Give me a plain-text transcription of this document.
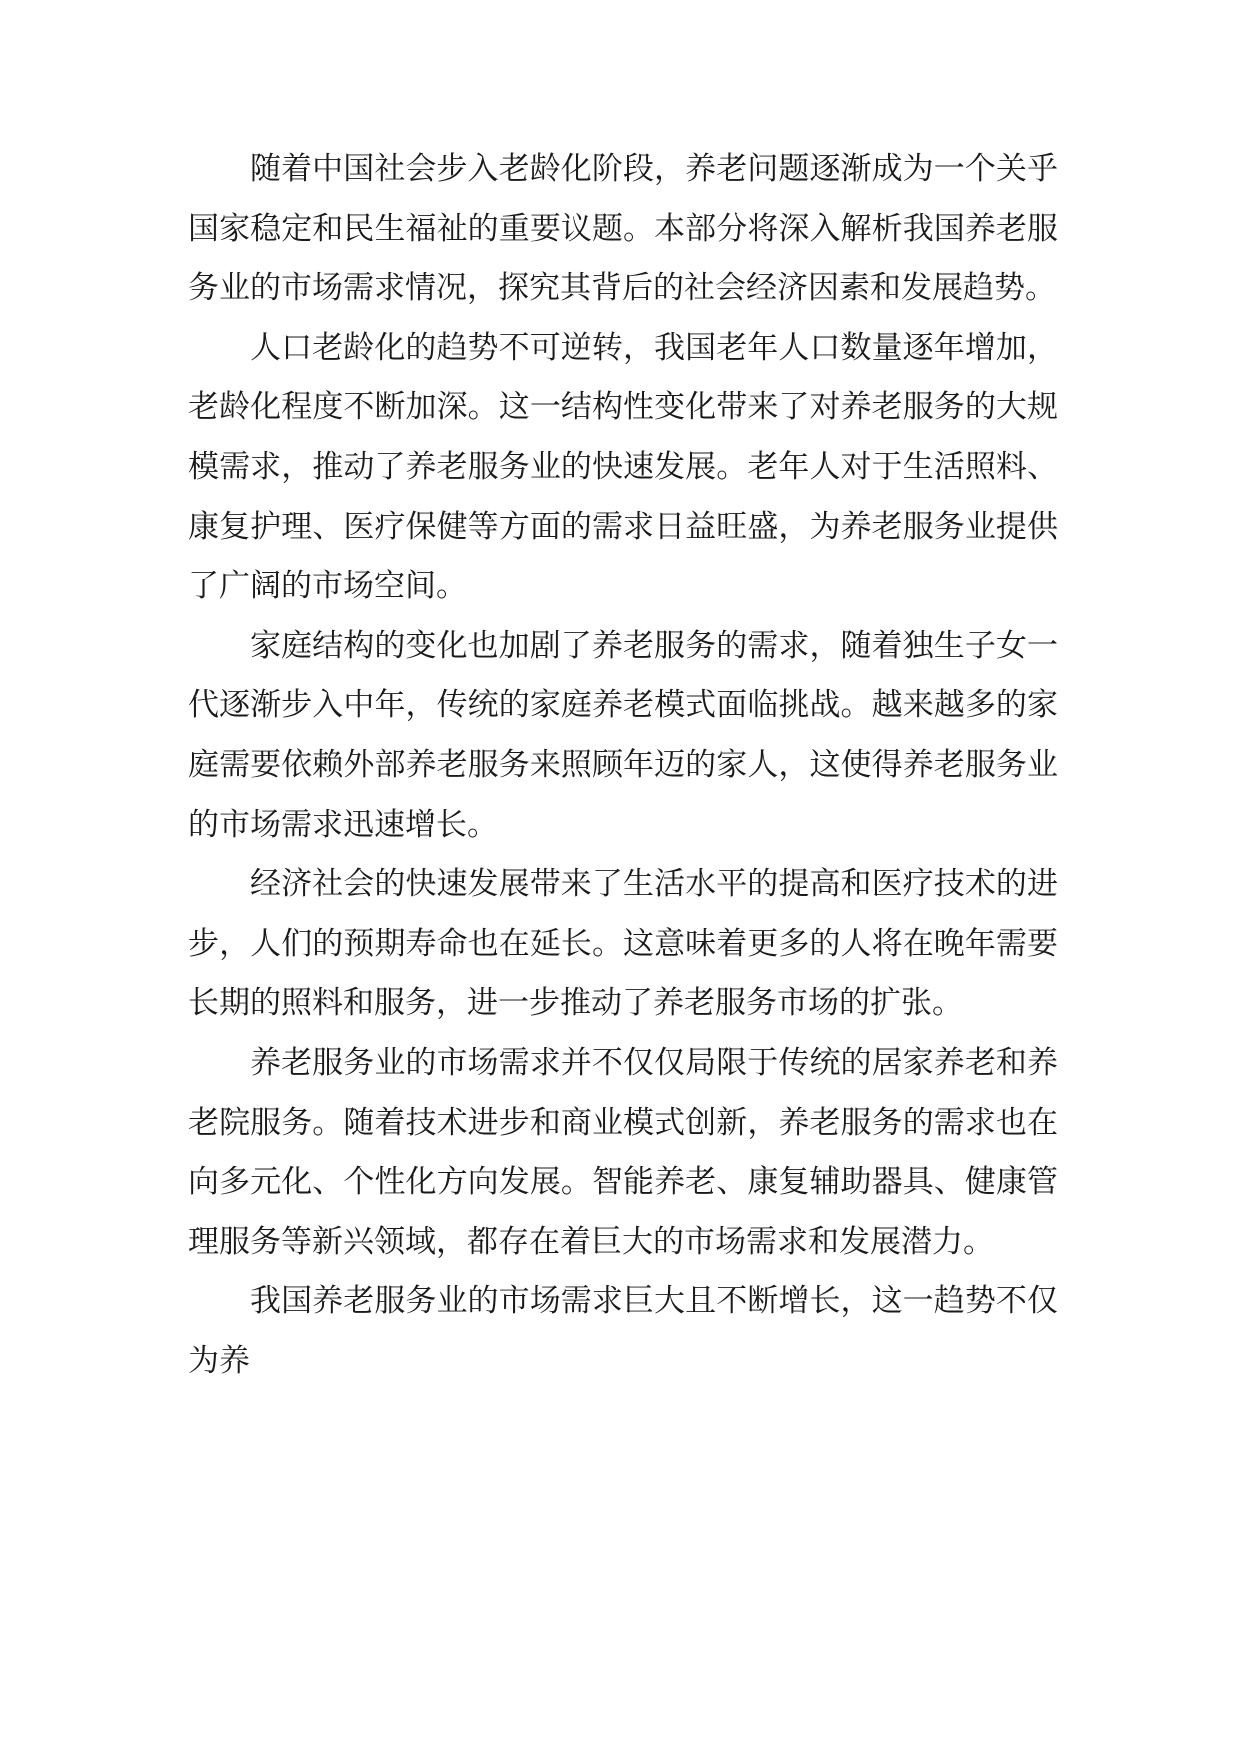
随着中国社会步入老龄化阶段，养老问题逐渐成为一个关乎国家稳定和民生福祉的重要议题。本部分将深入解析我国养老服务业的市场需求情况，探究其背后的社会经济因素和发展趋势。

人口老龄化的趋势不可逆转，我国老年人口数量逐年增加，老龄化程度不断加深。这一结构性变化带来了对养老服务的大规模需求，推动了养老服务业的快速发展。老年人对于生活照料、康复护理、医疗保健等方面的需求日益旺盛，为养老服务业提供了广阔的市场空间。

家庭结构的变化也加剧了养老服务的需求，随着独生子女一代逐渐步入中年，传统的家庭养老模式面临挑战。越来越多的家庭需要依赖外部养老服务来照顾年迈的家人，这使得养老服务业的市场需求迅速增长。

经济社会的快速发展带来了生活水平的提高和医疗技术的进步，人们的预期寿命也在延长。这意味着更多的人将在晚年需要长期的照料和服务，进一步推动了养老服务市场的扩张。

养老服务业的市场需求并不仅仅局限于传统的居家养老和养老院服务。随着技术进步和商业模式创新，养老服务的需求也在向多元化、个性化方向发展。智能养老、康复辅助器具、健康管理服务等新兴领域，都存在着巨大的市场需求和发展潜力。

我国养老服务业的市场需求巨大且不断增长，这一趋势不仅为养
